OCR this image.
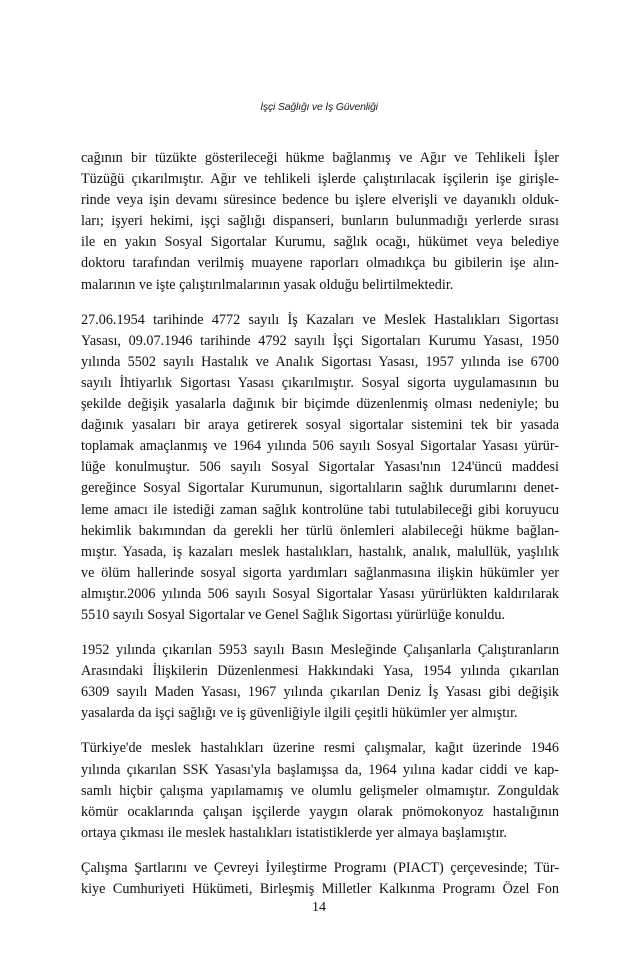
İşçi Sağlığı ve İş Güvenliği

cağının bir tüzükte gösterileceği hükme bağlanmış ve Ağır ve Tehlikeli İşler
Tüzüğü çıkarılmıştır. Ağır ve tehlikeli işlerde çalıştırılacak işçilerin işe girişle-
rinde veya işin devamı süresince bedence bu işlere elverişli ve dayanıklı olduk-
ları; işyeri hekimi, işçi sağlığı dispanseri, bunların bulunmadığı yerlerde sırası
ile en yakın Sosyal Sigortalar Kurumu, sağlık ocağı, hükümet veya belediye
doktoru tarafından verilmiş muayene raporları olmadıkça bu gibilerin işe alın-
malarının ve işte çalıştırılmalarının yasak olduğu belirtilmektedir.

27.06.1954 tarihinde 4772 sayılı İş Kazaları ve Meslek Hastalıkları Sigortası
Yasası, 09.07.1946 tarihinde 4792 sayılı İşçi Sigortaları Kurumu Yasası, 1950
yılında 5502 sayılı Hastalık ve Analık Sigortası Yasası, 1957 yılında ise 6700
sayılı İhtiyarlık Sigortası Yasası çıkarılmıştır. Sosyal sigorta uygulamasının bu
şekilde değişik yasalarla dağınık bir biçimde düzenlenmiş olması nedeniyle; bu
dağınık yasaları bir araya getirerek sosyal sigortalar sistemini tek bir yasada
toplamak amaçlanmış ve 1964 yılında 506 sayılı Sosyal Sigortalar Yasası yürür-
lüğe konulmuştur. 506 sayılı Sosyal Sigortalar Yasası'nın 124'üncü maddesi
gereğince Sosyal Sigortalar Kurumunun, sigortalıların sağlık durumlarını denet-
leme amacı ile istediği zaman sağlık kontrolüne tabi tutulabileceği gibi koruyucu
hekimlik bakımından da gerekli her türlü önlemleri alabileceği hükme bağlan-
mıştır. Yasada, iş kazaları meslek hastalıkları, hastalık, analık, malullük, yaşlılık
ve ölüm hallerinde sosyal sigorta yardımları sağlanmasına ilişkin hükümler yer
almıştır.2006 yılında 506 sayılı Sosyal Sigortalar Yasası yürürlükten kaldırılarak
5510 sayılı Sosyal Sigortalar ve Genel Sağlık Sigortası yürürlüğe konuldu.

1952 yılında çıkarılan 5953 sayılı Basın Mesleğinde Çalışanlarla Çalıştıranların
Arasındaki İlişkilerin Düzenlenmesi Hakkındaki Yasa, 1954 yılında çıkarılan
6309 sayılı Maden Yasası, 1967 yılında çıkarılan Deniz İş Yasası gibi değişik
yasalarda da işçi sağlığı ve iş güvenliğiyle ilgili çeşitli hükümler yer almıştır.

Türkiye'de meslek hastalıkları üzerine resmi çalışmalar, kağıt üzerinde 1946
yılında çıkarılan SSK Yasası'yla başlamışsa da, 1964 yılına kadar ciddi ve kap-
samlı hiçbir çalışma yapılamamış ve olumlu gelişmeler olmamıştır. Zonguldak
kömür ocaklarında çalışan işçilerde yaygın olarak pnömokonyoz hastalığının
ortaya çıkması ile meslek hastalıkları istatistiklerde yer almaya başlamıştır.

Çalışma Şartlarını ve Çevreyi İyileştirme Programı (PIACT) çerçevesinde; Tür-
kiye Cumhuriyeti Hükümeti, Birleşmiş Milletler Kalkınma Programı Özel Fon

14
